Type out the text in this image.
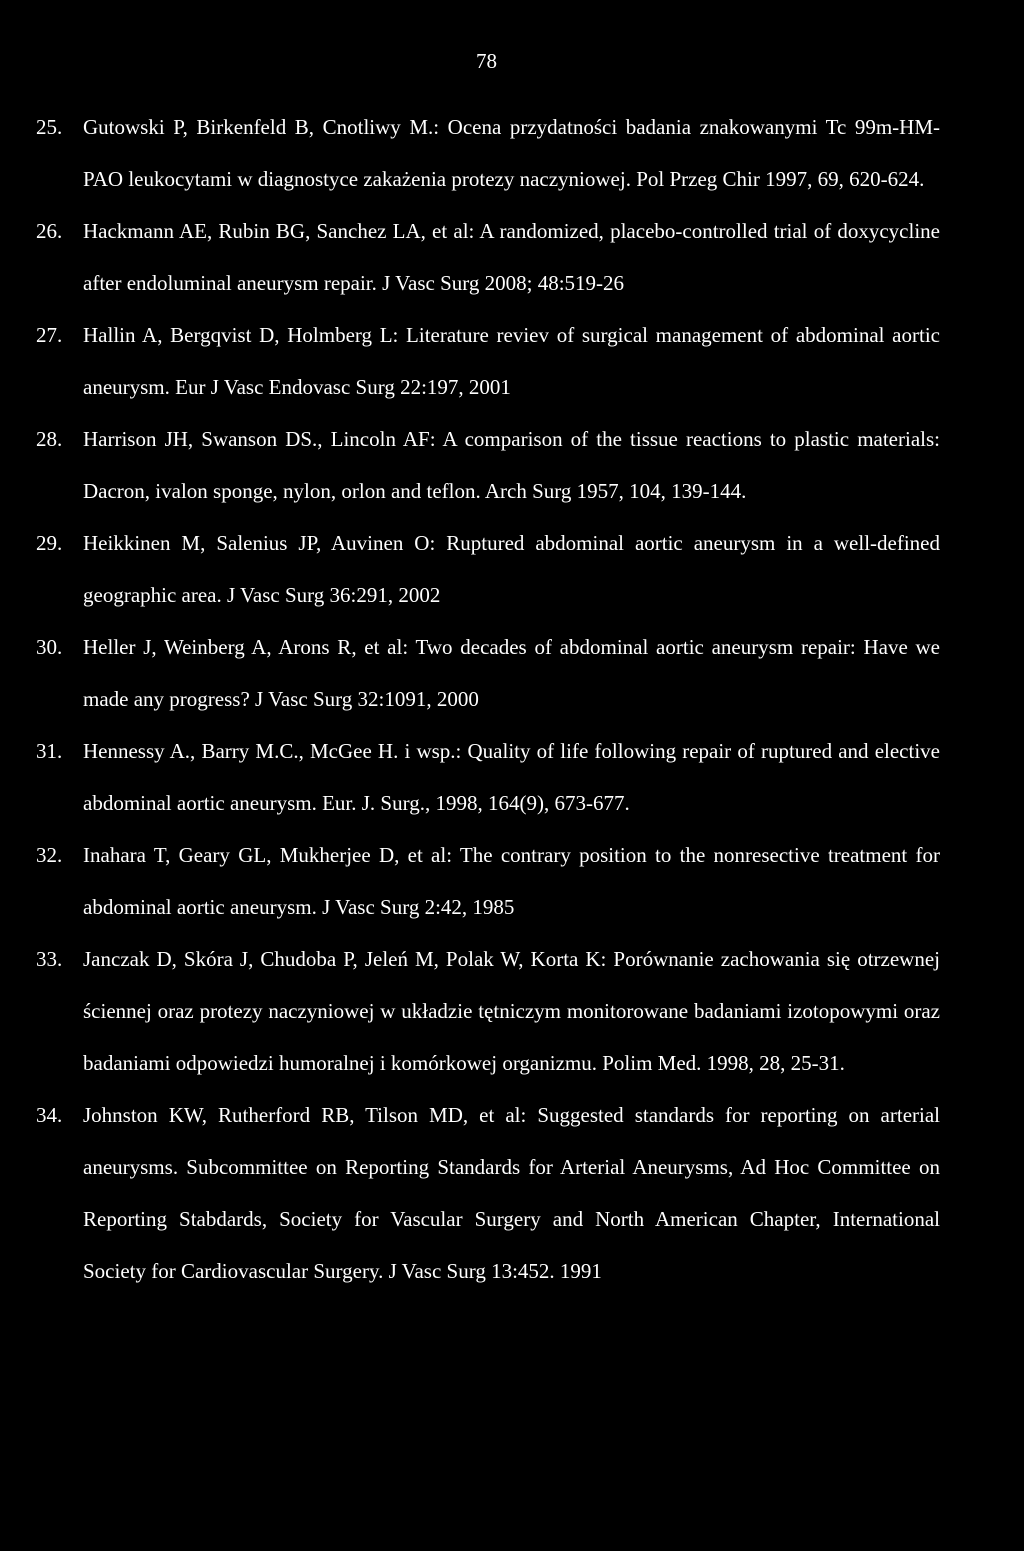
78
25. Gutowski P, Birkenfeld B, Cnotliwy M.: Ocena przydatności badania znakowanymi Tc 99m-HM-PAO leukocytami w diagnostyce zakażenia protezy naczyniowej. Pol Przeg Chir 1997, 69, 620-624.
26. Hackmann AE, Rubin BG, Sanchez LA, et al: A randomized, placebo-controlled trial of doxycycline after endoluminal aneurysm repair. J Vasc Surg 2008; 48:519-26
27. Hallin A, Bergqvist D, Holmberg L: Literature reviev of surgical management of abdominal aortic aneurysm. Eur J Vasc Endovasc Surg 22:197, 2001
28. Harrison JH, Swanson DS., Lincoln AF: A comparison of the tissue reactions to plastic materials: Dacron, ivalon sponge, nylon, orlon and teflon. Arch Surg 1957, 104, 139-144.
29. Heikkinen M, Salenius JP, Auvinen O: Ruptured abdominal aortic aneurysm in a well-defined geographic area. J Vasc Surg 36:291, 2002
30. Heller J, Weinberg A, Arons R, et al: Two decades of abdominal aortic aneurysm repair: Have we made any progress? J Vasc Surg 32:1091, 2000
31. Hennessy A., Barry M.C., McGee H. i wsp.: Quality of life following repair of ruptured and elective abdominal aortic aneurysm. Eur. J. Surg., 1998, 164(9), 673-677.
32. Inahara T, Geary GL, Mukherjee D, et al: The contrary position to the nonresective treatment for abdominal aortic aneurysm. J Vasc Surg 2:42, 1985
33. Janczak D, Skóra J, Chudoba P, Jeleń M, Polak W, Korta K: Porównanie zachowania się otrzewnej ściennej oraz protezy naczyniowej w układzie tętniczym monitorowane badaniami izotopowymi oraz badaniami odpowiedzi humoralnej i komórkowej organizmu. Polim Med. 1998, 28, 25-31.
34. Johnston KW, Rutherford RB, Tilson MD, et al: Suggested standards for reporting on arterial aneurysms. Subcommittee on Reporting Standards for Arterial Aneurysms, Ad Hoc Committee on Reporting Stabdards, Society for Vascular Surgery and North American Chapter, International Society for Cardiovascular Surgery. J Vasc Surg 13:452. 1991
